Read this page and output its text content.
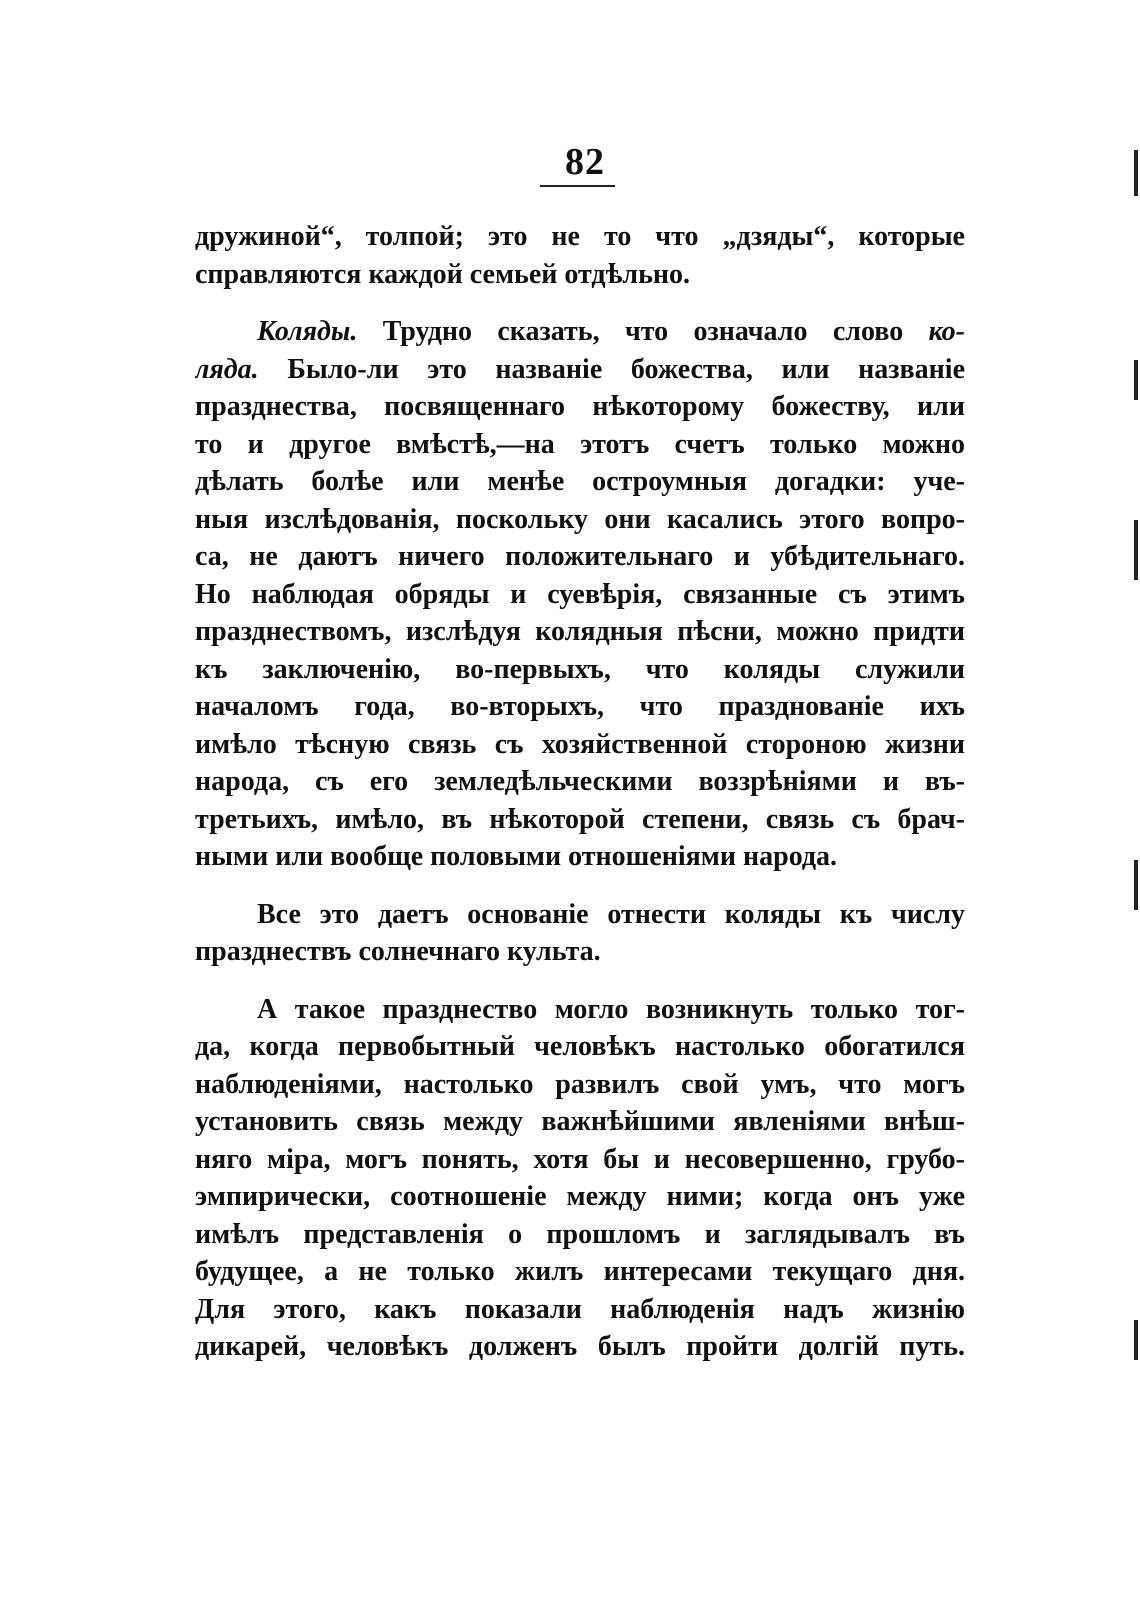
82
дружиной“, толпой; это не то что „дзяды“, которые
справляются каждой семьей отдѣльно.
Коляды. Трудно сказать, что означало слово ко-
ляда. Было-ли это названіе божества, или названіе
празднества, посвященнаго нѣкоторому божеству, или
то и другое вмѣстѣ,—на этотъ счетъ только можно
дѣлать болѣе или менѣе остроумныя догадки: уче-
ныя изслѣдованія, поскольку они касались этого вопро-
са, не даютъ ничего положительнаго и убѣдительнаго.
Но наблюдая обряды и суевѣрія, связанные съ этимъ
празднествомъ, изслѣдуя колядныя пѣсни, можно придти
къ заключенію, во-первыхъ, что коляды служили
началомъ года, во-вторыхъ, что празднованіе ихъ
имѣло тѣсную связь съ хозяйственной стороною жизни
народа, съ его земледѣльческими воззрѣніями и въ-
третьихъ, имѣло, въ нѣкоторой степени, связь съ брач-
ными или вообще половыми отношеніями народа.
Все это даетъ основаніе отнести коляды къ числу
празднествъ солнечнаго культа.
А такое празднество могло возникнуть только тог-
да, когда первобытный человѣкъ настолько обогатился
наблюденіями, настолько развилъ свой умъ, что могъ
установить связь между важнѣйшими явленіями внѣш-
няго міра, могъ понять, хотя бы и несовершенно, грубо-
эмпирически, соотношеніе между ними; когда онъ уже
имѣлъ представленія о прошломъ и заглядывалъ въ
будущее, а не только жилъ интересами текущаго дня.
Для этого, какъ показали наблюденія надъ жизнію
дикарей, человѣкъ долженъ былъ пройти долгій путь.
